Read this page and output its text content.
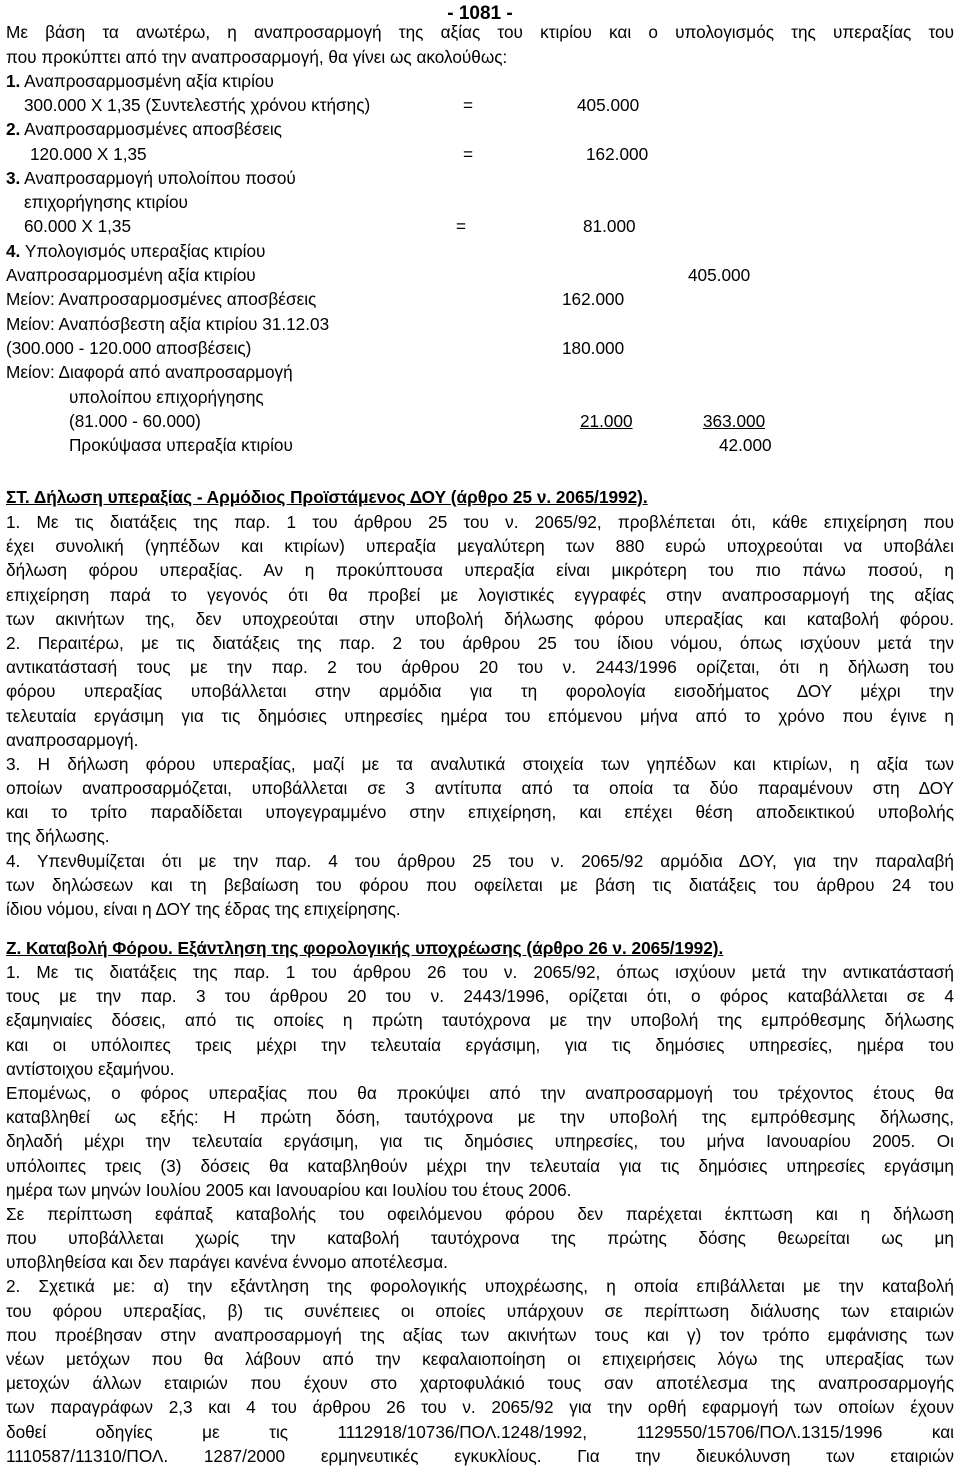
- 1081 -
Με βάση τα ανωτέρω, η αναπροσαρμογή της αξίας του κτιρίου και ο υπολογισμός της υπεραξίας του
που προκύπτει από την αναπροσαρμογή, θα γίνει ως ακολούθως:
1. Αναπροσαρμοσμένη αξία κτιρίου
300.000 Χ 1,35 (Συντελεστής χρόνου κτήσης)	=	405.000
2. Αναπροσαρμοσμένες αποσβέσεις
120.000 Χ 1,35	=	162.000
3. Αναπροσαρμογή υπολοίπου ποσού
επιχορήγησης κτιρίου
60.000 Χ 1,35	=	81.000
4. Υπολογισμός υπεραξίας κτιρίου
Αναπροσαρμοσμένη αξία κτιρίου	405.000
Μείον: Αναπροσαρμοσμένες αποσβέσεις	162.000
Μείον: Αναπόσβεστη αξία κτιρίου 31.12.03
(300.000 - 120.000 αποσβέσεις)	180.000
Μείον: Διαφορά από αναπροσαρμογή
υπολοίπου επιχορήγησης
(81.000 - 60.000)	21.000	363.000
Προκύψασα υπεραξία κτιρίου	42.000
ΣΤ. Δήλωση υπεραξίας - Αρμόδιος Προϊστάμενος ΔΟΥ (άρθρο 25 ν. 2065/1992).
1. Με τις διατάξεις της παρ. 1 του άρθρου 25 του ν. 2065/92, προβλέπεται ότι, κάθε επιχείρηση που
έχει συνολική (γηπέδων και κτιρίων) υπεραξία μεγαλύτερη των 880 ευρώ υποχρεούται να υποβάλει
δήλωση φόρου υπεραξίας. Αν η προκύπτουσα υπεραξία είναι μικρότερη του πιο πάνω ποσού, η
επιχείρηση παρά το γεγονός ότι θα προβεί με λογιστικές εγγραφές στην αναπροσαρμογή της αξίας
των ακινήτων της, δεν υποχρεούται στην υποβολή δήλωσης φόρου υπεραξίας και καταβολή φόρου.
2. Περαιτέρω, με τις διατάξεις της παρ. 2 του άρθρου 25 του ίδιου νόμου, όπως ισχύουν μετά την
αντικατάστασή τους με την παρ. 2 του άρθρου 20 του ν. 2443/1996 ορίζεται, ότι η δήλωση του
φόρου υπεραξίας υποβάλλεται στην αρμόδια για τη φορολογία εισοδήματος ΔΟΥ μέχρι την
τελευταία εργάσιμη για τις δημόσιες υπηρεσίες ημέρα του επόμενου μήνα από το χρόνο που έγινε η
αναπροσαρμογή.
3. Η δήλωση φόρου υπεραξίας, μαζί με τα αναλυτικά στοιχεία των γηπέδων και κτιρίων, η αξία των
οποίων αναπροσαρμόζεται, υποβάλλεται σε 3 αντίτυπα από τα οποία τα δύο παραμένουν στη ΔΟΥ
και το τρίτο παραδίδεται υπογεγραμμένο στην επιχείρηση, και επέχει θέση αποδεικτικού υποβολής
της δήλωσης.
4. Υπενθυμίζεται ότι με την παρ. 4 του άρθρου 25 του ν. 2065/92 αρμόδια ΔΟΥ, για την παραλαβή
των δηλώσεων και τη βεβαίωση του φόρου που οφείλεται με βάση τις διατάξεις του άρθρου 24 του
ίδιου νόμου, είναι η ΔΟΥ της έδρας της επιχείρησης.
Ζ. Καταβολή Φόρου. Εξάντληση της φορολογικής υποχρέωσης (άρθρο 26 ν. 2065/1992).
1. Με τις διατάξεις της παρ. 1 του άρθρου 26 του ν. 2065/92, όπως ισχύουν μετά την αντικατάστασή
τους με την παρ. 3 του άρθρου 20 του ν. 2443/1996, ορίζεται ότι, ο φόρος καταβάλλεται σε 4
εξαμηνιαίες δόσεις, από τις οποίες η πρώτη ταυτόχρονα με την υποβολή της εμπρόθεσμης δήλωσης
και οι υπόλοιπες τρεις μέχρι την τελευταία εργάσιμη, για τις δημόσιες υπηρεσίες, ημέρα του
αντίστοιχου εξαμήνου.
Επομένως, ο φόρος υπεραξίας που θα προκύψει από την αναπροσαρμογή του τρέχοντος έτους θα
καταβληθεί ως εξής: Η πρώτη δόση, ταυτόχρονα με την υποβολή της εμπρόθεσμης δήλωσης,
δηλαδή μέχρι την τελευταία εργάσιμη, για τις δημόσιες υπηρεσίες, του μήνα Ιανουαρίου 2005. Οι
υπόλοιπες τρεις (3) δόσεις θα καταβληθούν μέχρι την τελευταία για τις δημόσιες υπηρεσίες εργάσιμη
ημέρα των μηνών Ιουλίου 2005 και Ιανουαρίου και Ιουλίου του έτους 2006.
Σε περίπτωση εφάπαξ καταβολής του οφειλόμενου φόρου δεν παρέχεται έκπτωση και η δήλωση
που υποβάλλεται χωρίς την καταβολή ταυτόχρονα της πρώτης δόσης θεωρείται ως μη
υποβληθείσα και δεν παράγει κανένα έννομο αποτέλεσμα.
2. Σχετικά με: α) την εξάντληση της φορολογικής υποχρέωσης, η οποία επιβάλλεται με την καταβολή
του φόρου υπεραξίας, β) τις συνέπειες οι οποίες υπάρχουν σε περίπτωση διάλυσης των εταιριών
που προέβησαν στην αναπροσαρμογή της αξίας των ακινήτων τους και γ) τον τρόπο εμφάνισης των
νέων μετόχων που θα λάβουν από την κεφαλαιοποίηση οι επιχειρήσεις λόγω της υπεραξίας των
μετοχών άλλων εταιριών που έχουν στο χαρτοφυλάκιό τους σαν αποτέλεσμα της αναπροσαρμογής
των παραγράφων 2,3 και 4 του άρθρου 26 του ν. 2065/92 για την ορθή εφαρμογή των οποίων έχουν
δοθεί οδηγίες με τις 1112918/10736/ΠΟΛ.1248/1992, 1129550/15706/ΠΟΛ.1315/1996 και
1110587/11310/ΠΟΛ. 1287/2000 ερμηνευτικές εγκυκλίους. Για την διευκόλυνση των εταιριών
